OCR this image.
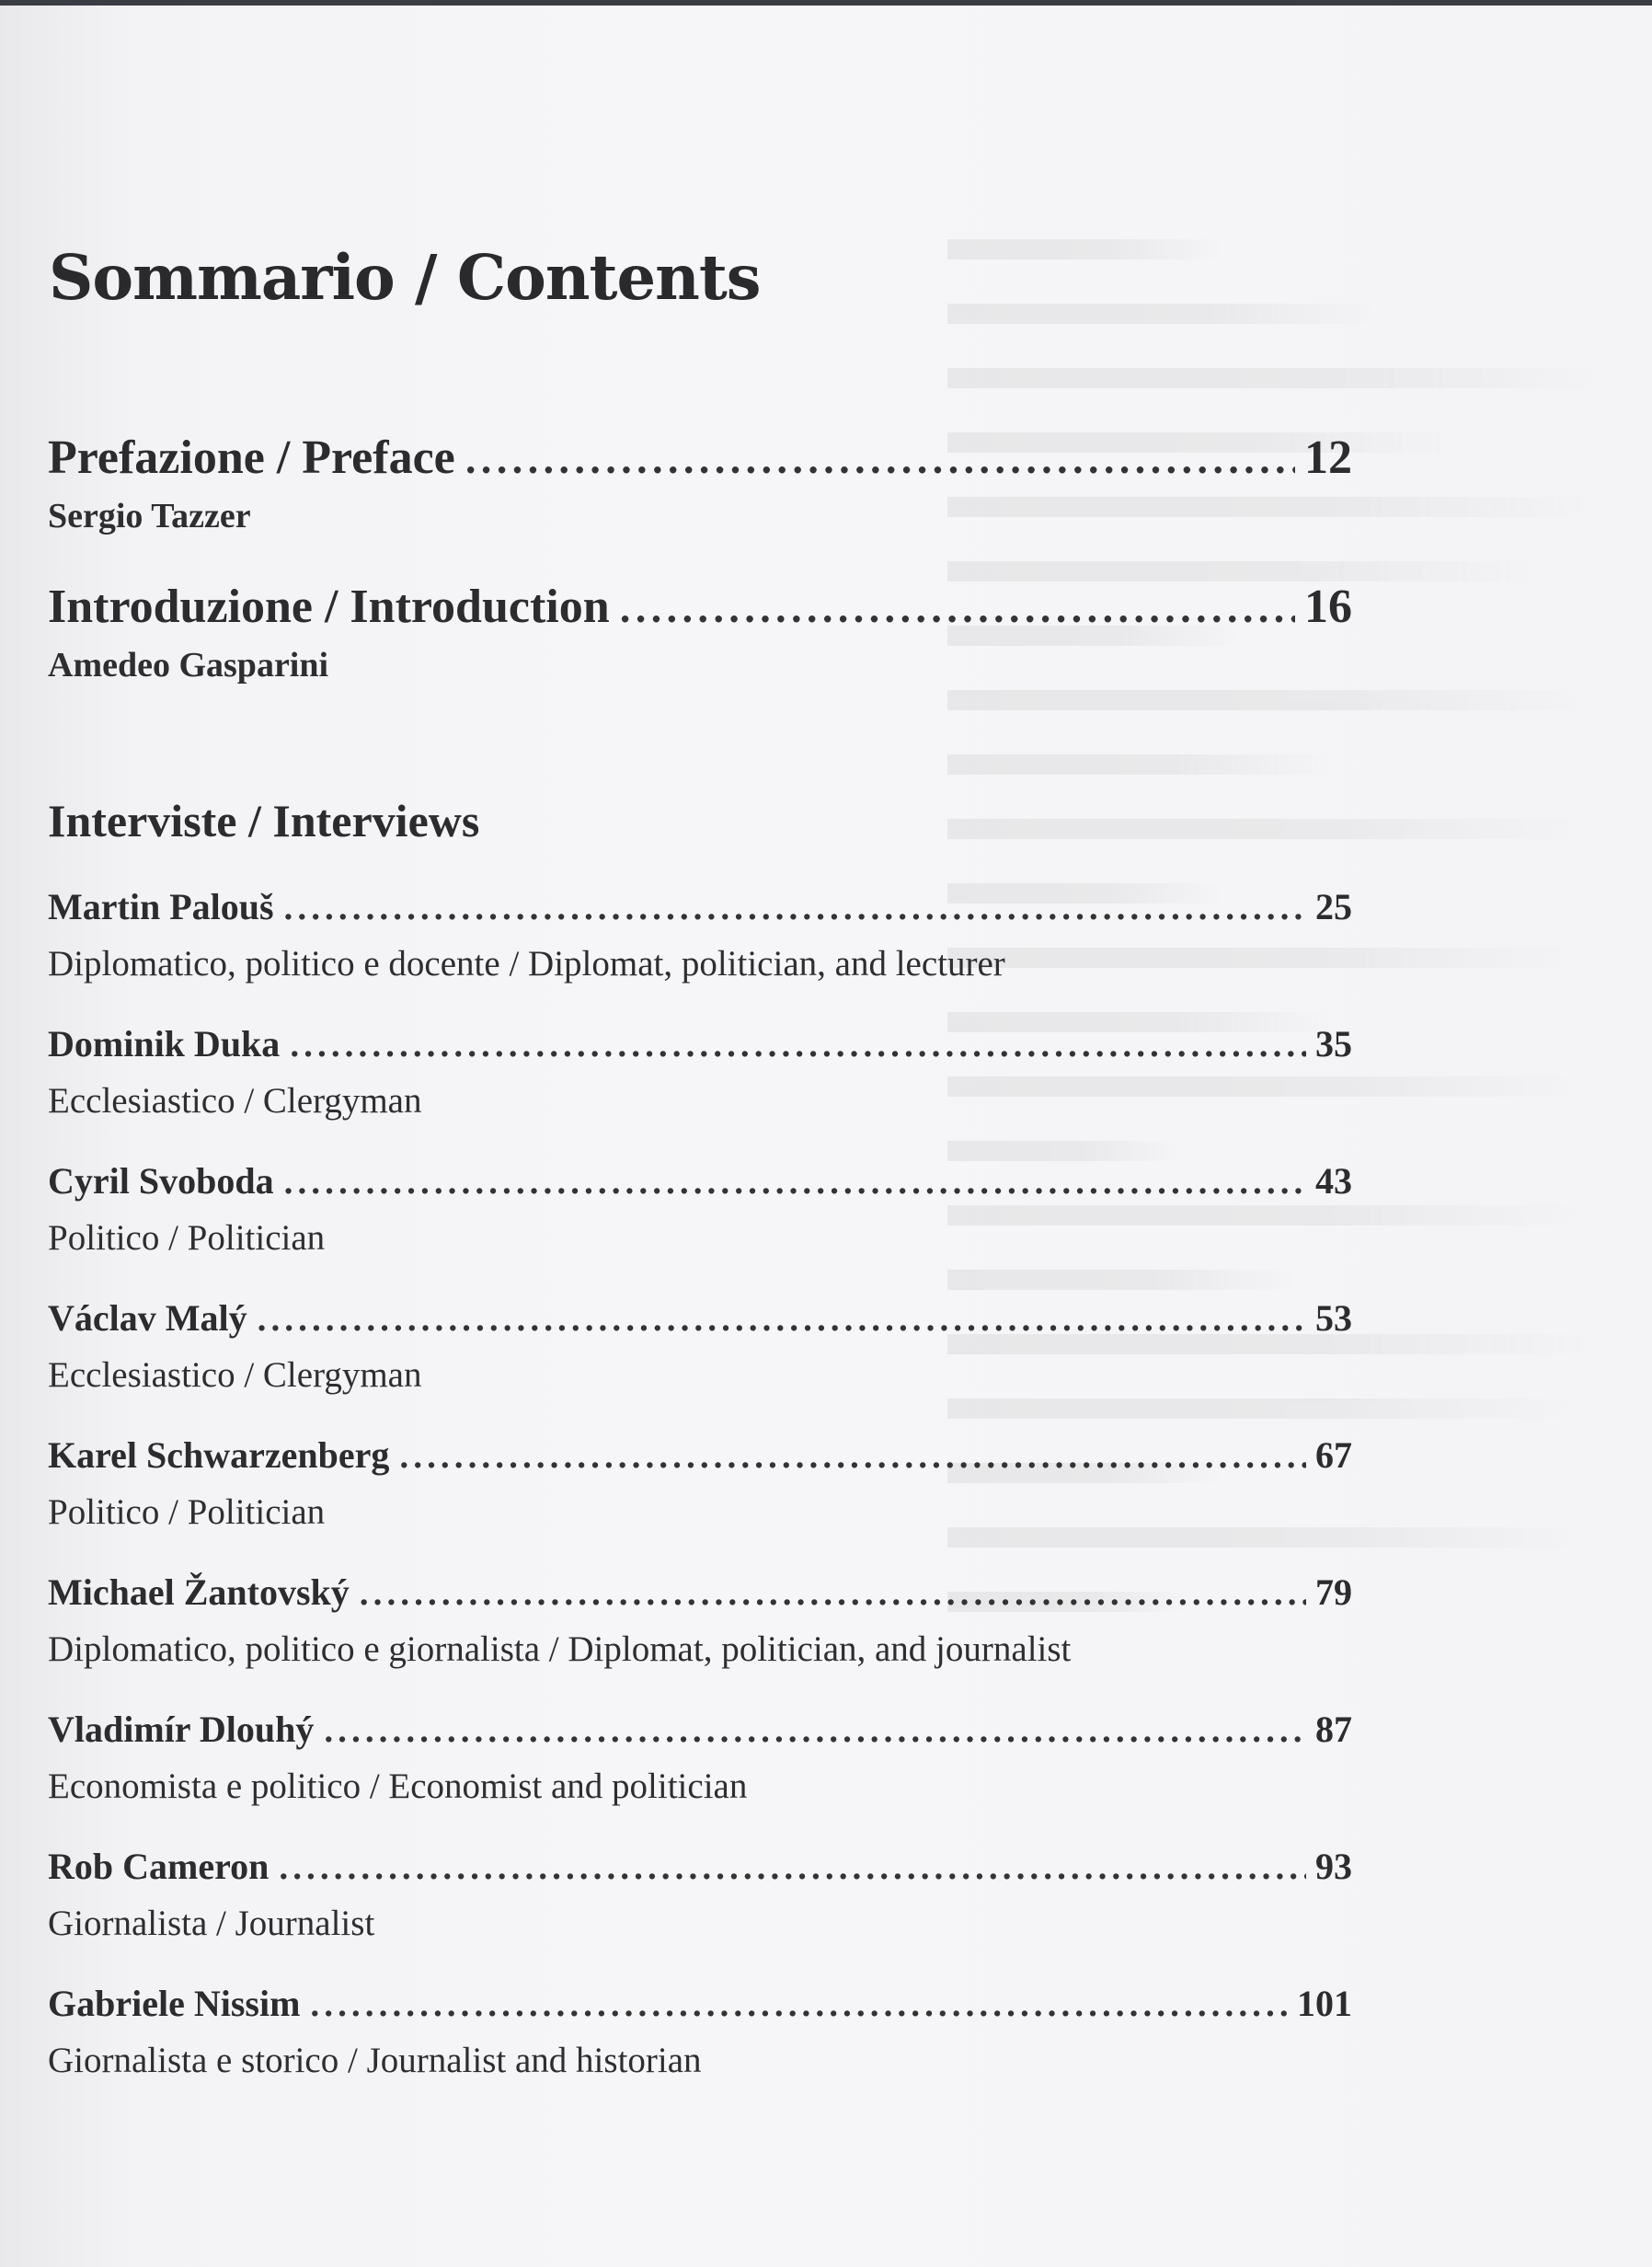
Sommario / Contents
Prefazione / Preface .....	12
Sergio Tazzer
Introduzione / Introduction .....	16
Amedeo Gasparini
Interviste / Interviews
Martin Palouš .....	25
Diplomatico, politico e docente / Diplomat, politician, and lecturer
Dominik Duka .....	35
Ecclesiastico / Clergyman
Cyril Svoboda .....	43
Politico / Politician
Václav Malý .....	53
Ecclesiastico / Clergyman
Karel Schwarzenberg .....	67
Politico / Politician
Michael Žantovský .....	79
Diplomatico, politico e giornalista / Diplomat, politician, and journalist
Vladimír Dlouhý .....	87
Economista e politico / Economist and politician
Rob Cameron .....	93
Giornalista / Journalist
Gabriele Nissim .....	101
Giornalista e storico / Journalist and historian
